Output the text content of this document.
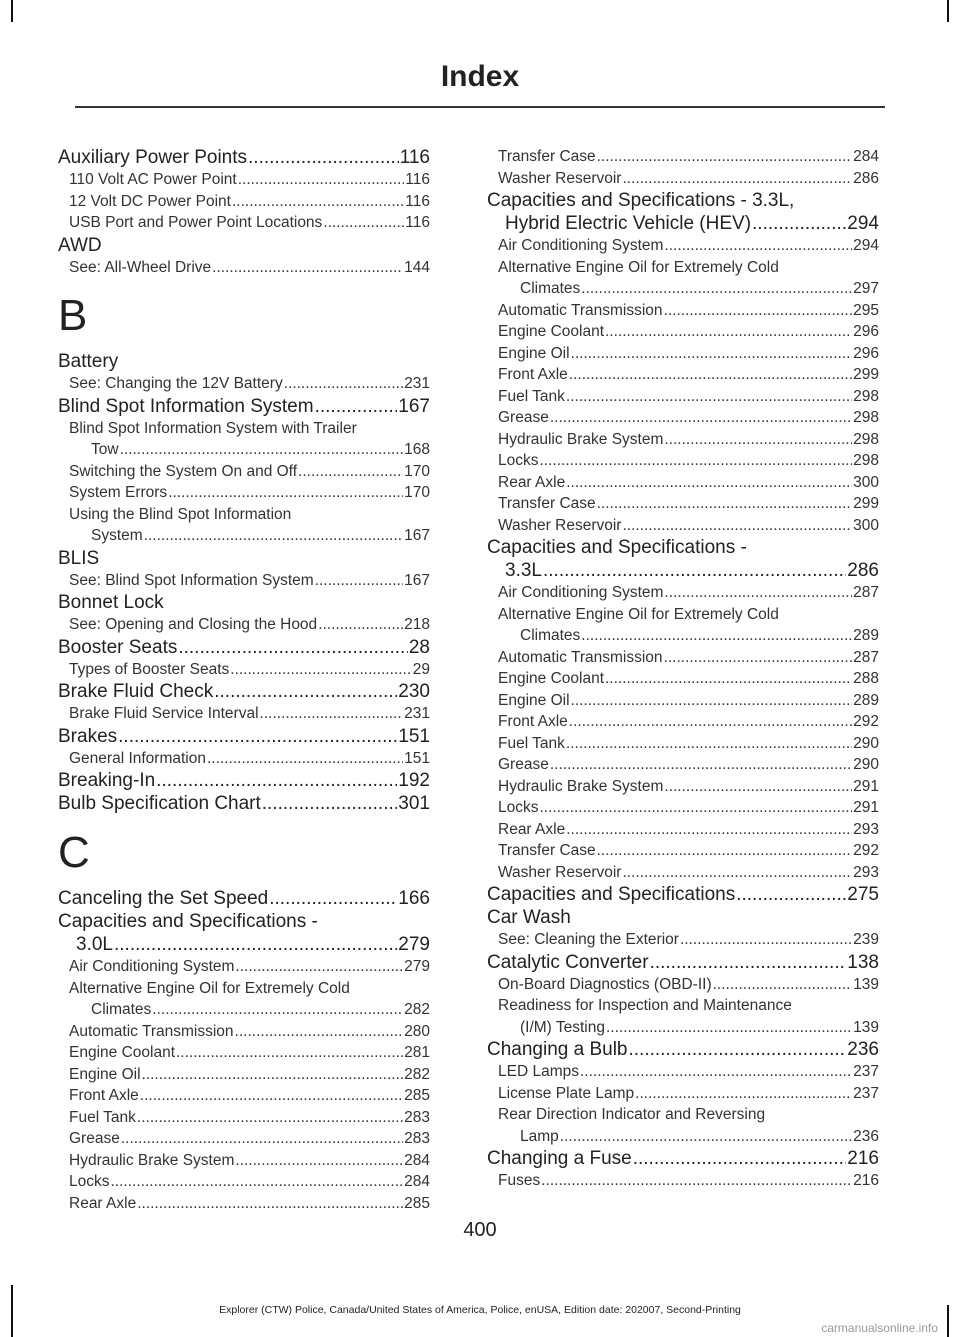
Index
Auxiliary Power Points .....	116
110 Volt AC Power Point .....	116
12 Volt DC Power Point .....	116
USB Port and Power Point Locations .....	116
AWD
See: All-Wheel Drive .....	144
B
Battery
See: Changing the 12V Battery .....	231
Blind Spot Information System .....	167
Blind Spot Information System with Trailer
Tow .....	168
Switching the System On and Off .....	170
System Errors .....	170
Using the Blind Spot Information
System .....	167
BLIS
See: Blind Spot Information System .....	167
Bonnet Lock
See: Opening and Closing the Hood .....	218
Booster Seats .....	28
Types of Booster Seats .....	29
Brake Fluid Check .....	230
Brake Fluid Service Interval .....	231
Brakes .....	151
General Information .....	151
Breaking-In .....	192
Bulb Specification Chart .....	301
C
Canceling the Set Speed .....	166
Capacities and Specifications -
3.0L .....	279
Air Conditioning System .....	279
Alternative Engine Oil for Extremely Cold
Climates .....	282
Automatic Transmission .....	280
Engine Coolant .....	281
Engine Oil .....	282
Front Axle .....	285
Fuel Tank .....	283
Grease .....	283
Hydraulic Brake System .....	284
Locks .....	284
Rear Axle .....	285
Transfer Case .....	284
Washer Reservoir .....	286
Capacities and Specifications - 3.3L,
Hybrid Electric Vehicle (HEV) .....	294
Air Conditioning System .....	294
Alternative Engine Oil for Extremely Cold
Climates .....	297
Automatic Transmission .....	295
Engine Coolant .....	296
Engine Oil .....	296
Front Axle .....	299
Fuel Tank .....	298
Grease .....	298
Hydraulic Brake System .....	298
Locks .....	298
Rear Axle .....	300
Transfer Case .....	299
Washer Reservoir .....	300
Capacities and Specifications -
3.3L .....	286
Air Conditioning System .....	287
Alternative Engine Oil for Extremely Cold
Climates .....	289
Automatic Transmission .....	287
Engine Coolant .....	288
Engine Oil .....	289
Front Axle .....	292
Fuel Tank .....	290
Grease .....	290
Hydraulic Brake System .....	291
Locks .....	291
Rear Axle .....	293
Transfer Case .....	292
Washer Reservoir .....	293
Capacities and Specifications .....	275
Car Wash
See: Cleaning the Exterior .....	239
Catalytic Converter .....	138
On-Board Diagnostics (OBD-II) .....	139
Readiness for Inspection and Maintenance
(I/M) Testing .....	139
Changing a Bulb .....	236
LED Lamps .....	237
License Plate Lamp .....	237
Rear Direction Indicator and Reversing
Lamp .....	236
Changing a Fuse .....	216
Fuses .....	216
400
Explorer (CTW) Police, Canada/United States of America, Police, enUSA, Edition date: 202007, Second-Printing
carmanualsonline.info
